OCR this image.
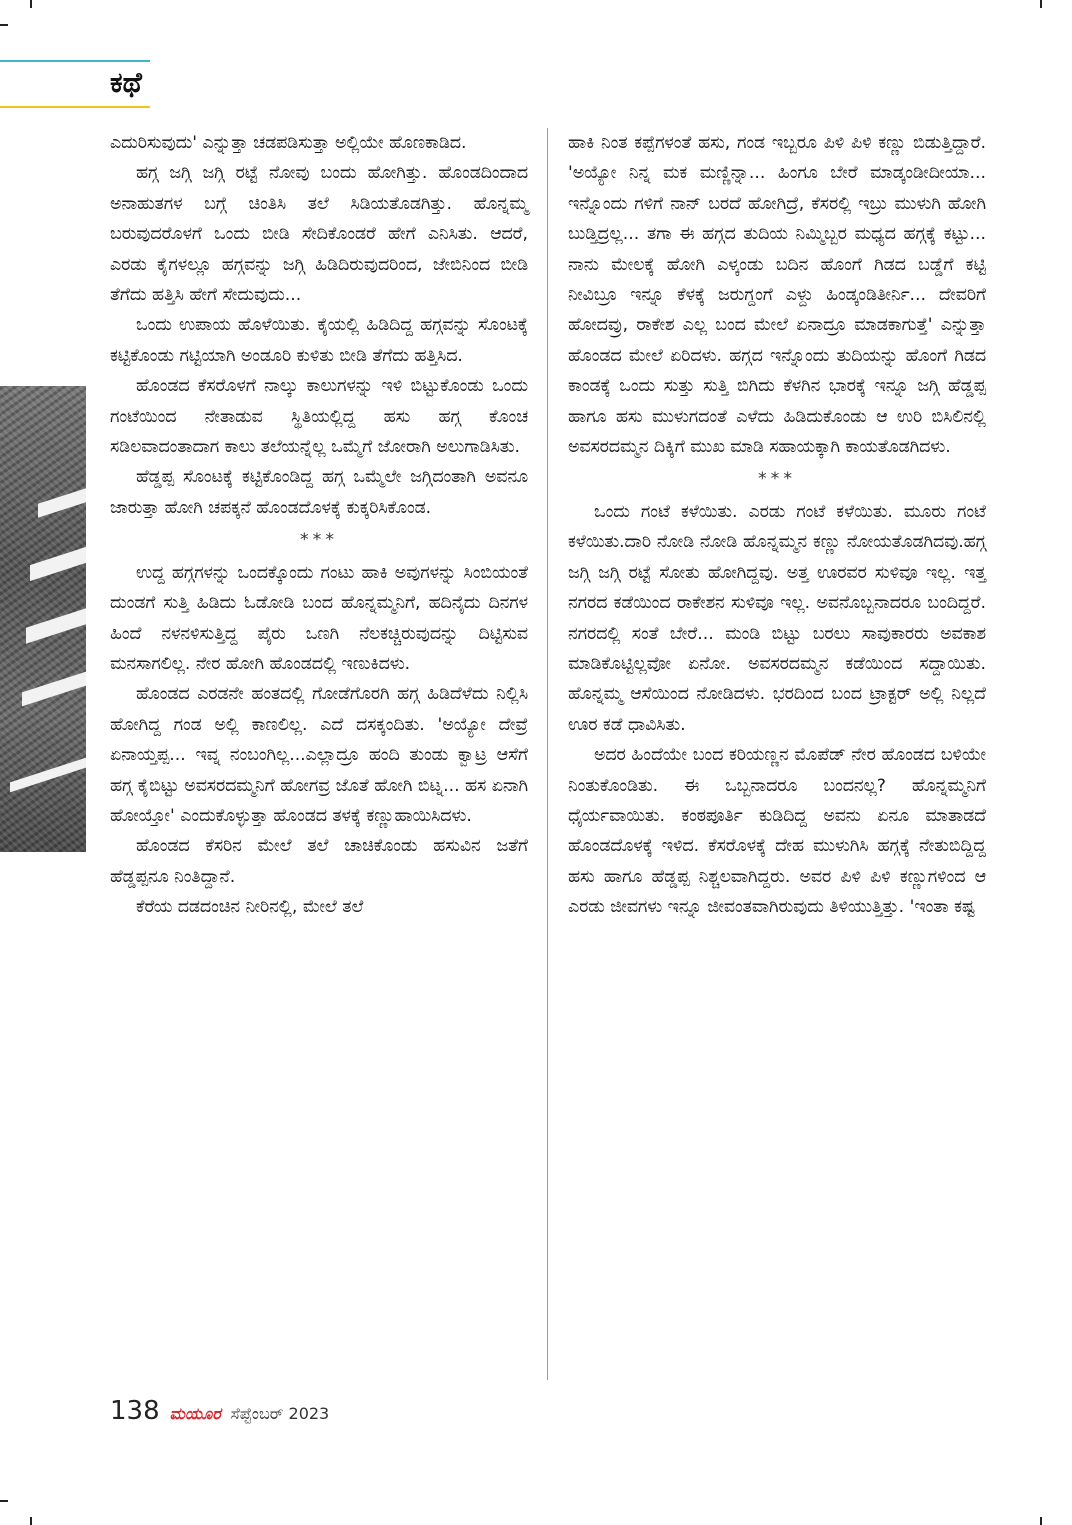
ಕಥೆ

ಎದುರಿಸುವುದು' ಎನ್ನುತ್ತಾ ಚಡಪಡಿಸುತ್ತಾ ಅಲ್ಲಿಯೇ ಹೊಣಕಾಡಿದ.

ಹಗ್ಗ ಜಗ್ಗಿ ಜಗ್ಗಿ ರಟ್ಟೆ ನೋವು ಬಂದು ಹೋಗಿತ್ತು. ಹೊಂಡದಿಂದಾದ ಅನಾಹುತಗಳ ಬಗ್ಗೆ ಚಿಂತಿಸಿ ತಲೆ ಸಿಡಿಯತೊಡಗಿತ್ತು. ಹೊನ್ನಮ್ಮ ಬರುವುದರೊಳಗೆ ಒಂದು ಬೀಡಿ ಸೇದಿಕೊಂಡರೆ ಹೇಗೆ ಎನಿಸಿತು. ಆದರೆ, ಎರಡು ಕೈಗಳಲ್ಲೂ ಹಗ್ಗವನ್ನು ಜಗ್ಗಿ ಹಿಡಿದಿರುವುದರಿಂದ, ಜೇಬಿನಿಂದ ಬೀಡಿ ತೆಗೆದು ಹತ್ತಿಸಿ ಹೇಗೆ ಸೇದುವುದು...

ಒಂದು ಉಪಾಯ ಹೊಳೆಯಿತು. ಕೈಯಲ್ಲಿ ಹಿಡಿದಿದ್ದ ಹಗ್ಗವನ್ನು ಸೊಂಟಕ್ಕೆ ಕಟ್ಟಿಕೊಂಡು ಗಟ್ಟಿಯಾಗಿ ಅಂಡೂರಿ ಕುಳಿತು ಬೀಡಿ ತೆಗೆದು ಹತ್ತಿಸಿದ.

ಹೊಂಡದ ಕೆಸರೊಳಗೆ ನಾಲ್ಕು ಕಾಲುಗಳನ್ನು ಇಳಿ ಬಿಟ್ಟುಕೊಂಡು ಒಂದು ಗಂಟೆಯಿಂದ ನೇತಾಡುವ ಸ್ಥಿತಿಯಲ್ಲಿದ್ದ ಹಸು ಹಗ್ಗ ಕೊಂಚ ಸಡಿಲವಾದಂತಾದಾಗ ಕಾಲು ತಲೆಯನ್ನೆಲ್ಲ ಒಮ್ಮೆಗೆ ಜೋರಾಗಿ ಅಲುಗಾಡಿಸಿತು.

ಹೆಡ್ಡಪ್ಪ ಸೊಂಟಕ್ಕೆ ಕಟ್ಟಿಕೊಂಡಿದ್ದ ಹಗ್ಗ ಒಮ್ಮೆಲೇ ಜಗ್ಗಿದಂತಾಗಿ ಅವನೂ ಜಾರುತ್ತಾ ಹೋಗಿ ಚಪಕ್ಕನೆ ಹೊಂಡದೊಳಕ್ಕೆ ಕುಕ್ಕರಿಸಿಕೊಂಡ.

***

ಉದ್ದ ಹಗ್ಗಗಳನ್ನು ಒಂದಕ್ಕೊಂದು ಗಂಟು ಹಾಕಿ ಅವುಗಳನ್ನು ಸಿಂಬಿಯಂತೆ ದುಂಡಗೆ ಸುತ್ತಿ ಹಿಡಿದು ಓಡೋಡಿ ಬಂದ ಹೊನ್ನಮ್ಮನಿಗೆ, ಹದಿನೈದು ದಿನಗಳ ಹಿಂದೆ ನಳನಳಿಸುತ್ತಿದ್ದ ಪೈರು ಒಣಗಿ ನೆಲಕಚ್ಚಿರುವುದನ್ನು ದಿಟ್ಟಿಸುವ ಮನಸಾಗಲಿಲ್ಲ. ನೇರ ಹೋಗಿ ಹೊಂಡದಲ್ಲಿ ಇಣುಕಿದಳು.

ಹೊಂಡದ ಎರಡನೇ ಹಂತದಲ್ಲಿ ಗೋಡೆಗೊರಗಿ ಹಗ್ಗ ಹಿಡಿದೆಳೆದು ನಿಲ್ಲಿಸಿ ಹೋಗಿದ್ದ ಗಂಡ ಅಲ್ಲಿ ಕಾಣಲಿಲ್ಲ. ಎದೆ ದಸಕ್ಕಂದಿತು. 'ಅಯ್ಯೋ ದೇವ್ರೆ ಏನಾಯ್ತಪ್ಪ... ಇವ್ನ ನಂಬಂಗಿಲ್ಲ...ಎಲ್ಲಾದ್ರೂ ಹಂದಿ ತುಂಡು ಕ್ವಾಟ್ರ ಆಸೆಗೆ ಹಗ್ಗ ಕೈಬಿಟ್ಟು ಅವಸರದಮ್ಮನಿಗೆ ಹೋಗವ್ರ ಜೊತೆ ಹೋಗಿ ಬಿಟ್ನ... ಹಸ ಏನಾಗಿ ಹೋಯ್ತೋ' ಎಂದುಕೊಳ್ಳುತ್ತಾ ಹೊಂಡದ ತಳಕ್ಕೆ ಕಣ್ಣುಹಾಯಿಸಿದಳು.

ಹೊಂಡದ ಕೆಸರಿನ ಮೇಲೆ ತಲೆ ಚಾಚಿಕೊಂಡು ಹಸುವಿನ ಜತೆಗೆ ಹೆಡ್ಡಪ್ಪನೂ ನಿಂತಿದ್ದಾನೆ.

ಕೆರೆಯ ದಡದಂಚಿನ ನೀರಿನಲ್ಲಿ, ಮೇಲೆ ತಲೆ

ಹಾಕಿ ನಿಂತ ಕಪ್ಪೆಗಳಂತೆ ಹಸು, ಗಂಡ ಇಬ್ಬರೂ ಪಿಳಿ ಪಿಳಿ ಕಣ್ಣು ಬಿಡುತ್ತಿದ್ದಾರೆ. 'ಅಯ್ಯೋ ನಿನ್ನ ಮಕ ಮಣ್ಣಿನ್ನಾ... ಹಿಂಗೂ ಬೇರೆ ಮಾಡ್ಕಂಡೀದೀಯಾ... ಇನ್ನೊಂದು ಗಳಿಗೆ ನಾನ್ ಬರದೆ ಹೋಗಿದ್ರೆ, ಕೆಸರಲ್ಲಿ ಇಬ್ರು ಮುಳುಗಿ ಹೋಗಿ ಬುಡ್ತಿದ್ರಲ್ಲ... ತಗಾ ಈ ಹಗ್ಗದ ತುದಿಯ ನಿಮ್ಮಿಬ್ಬರ ಮಧ್ಯದ ಹಗ್ಗಕ್ಕೆ ಕಟ್ಟು... ನಾನು ಮೇಲಕ್ಕೆ ಹೋಗಿ ಎಳ್ಕಂಡು ಬದಿನ ಹೊಂಗೆ ಗಿಡದ ಬಡ್ಡೆಗೆ ಕಟ್ಟಿ ನೀವಿಬ್ರೂ ಇನ್ನೂ ಕೆಳಕ್ಕೆ ಜರುಗ್ದಂಗೆ ಎಳ್ದು ಹಿಂಡ್ಕಂಡಿತೀರ್ನಿ... ದೇವರಿಗೆ ಹೋದವ್ರು, ರಾಕೇಶ ಎಲ್ಲ ಬಂದ ಮೇಲೆ ಏನಾದ್ರೂ ಮಾಡಕಾಗುತ್ತೆ' ಎನ್ನುತ್ತಾ ಹೊಂಡದ ಮೇಲೆ ಏರಿದಳು. ಹಗ್ಗದ ಇನ್ನೊಂದು ತುದಿಯನ್ನು ಹೊಂಗೆ ಗಿಡದ ಕಾಂಡಕ್ಕೆ ಒಂದು ಸುತ್ತು ಸುತ್ತಿ ಬಿಗಿದು ಕೆಳಗಿನ ಭಾರಕ್ಕೆ ಇನ್ನೂ ಜಗ್ಗಿ ಹೆಡ್ಡಪ್ಪ ಹಾಗೂ ಹಸು ಮುಳುಗದಂತೆ ಎಳೆದು ಹಿಡಿದುಕೊಂಡು ಆ ಉರಿ ಬಿಸಿಲಿನಲ್ಲಿ ಅವಸರದಮ್ಮನ ದಿಕ್ಕಿಗೆ ಮುಖ ಮಾಡಿ ಸಹಾಯಕ್ಕಾಗಿ ಕಾಯತೊಡಗಿದಳು.

***

ಒಂದು ಗಂಟೆ ಕಳೆಯಿತು. ಎರಡು ಗಂಟೆ ಕಳೆಯಿತು. ಮೂರು ಗಂಟೆ ಕಳೆಯಿತು.ದಾರಿ ನೋಡಿ ನೋಡಿ ಹೊನ್ನಮ್ಮನ ಕಣ್ಣು ನೋಯತೊಡಗಿದವು.ಹಗ್ಗ ಜಗ್ಗಿ ಜಗ್ಗಿ ರಟ್ಟೆ ಸೋತು ಹೋಗಿದ್ದವು. ಅತ್ತ ಊರವರ ಸುಳಿವೂ ಇಲ್ಲ. ಇತ್ತ ನಗರದ ಕಡೆಯಿಂದ ರಾಕೇಶನ ಸುಳಿವೂ ಇಲ್ಲ. ಅವನೊಬ್ಬನಾದರೂ ಬಂದಿದ್ದರೆ. ನಗರದಲ್ಲಿ ಸಂತೆ ಬೇರೆ... ಮಂಡಿ ಬಿಟ್ಟು ಬರಲು ಸಾವುಕಾರರು ಅವಕಾಶ ಮಾಡಿಕೊಟ್ಟಿಲ್ಲವೋ ಏನೋ. ಅವಸರದಮ್ಮನ ಕಡೆಯಿಂದ ಸದ್ದಾಯಿತು. ಹೊನ್ನಮ್ಮ ಆಸೆಯಿಂದ ನೋಡಿದಳು. ಭರದಿಂದ ಬಂದ ಟ್ರಾಕ್ಟರ್ ಅಲ್ಲಿ ನಿಲ್ಲದೆ ಊರ ಕಡೆ ಧಾವಿಸಿತು.

ಅದರ ಹಿಂದೆಯೇ ಬಂದ ಕರಿಯಣ್ಣನ ಮೊಪೆಡ್ ನೇರ ಹೊಂಡದ ಬಳಿಯೇ ನಿಂತುಕೊಂಡಿತು. ಈ ಒಬ್ಬನಾದರೂ ಬಂದನಲ್ಲ? ಹೊನ್ನಮ್ಮನಿಗೆ ಧೈರ್ಯವಾಯಿತು. ಕಂಠಪೂರ್ತಿ ಕುಡಿದಿದ್ದ ಅವನು ಏನೂ ಮಾತಾಡದೆ ಹೊಂಡದೊಳಕ್ಕೆ ಇಳಿದ. ಕೆಸರೊಳಕ್ಕೆ ದೇಹ ಮುಳುಗಿಸಿ ಹಗ್ಗಕ್ಕೆ ನೇತುಬಿದ್ದಿದ್ದ ಹಸು ಹಾಗೂ ಹೆಡ್ಡಪ್ಪ ನಿಶ್ಚಲವಾಗಿದ್ದರು. ಅವರ ಪಿಳಿ ಪಿಳಿ ಕಣ್ಣುಗಳಿಂದ ಆ ಎರಡು ಜೀವಗಳು ಇನ್ನೂ ಜೀವಂತವಾಗಿರುವುದು ತಿಳಿಯುತ್ತಿತ್ತು. 'ಇಂತಾ ಕಷ್ಟ

138 ಮಯೂರ ಸೆಪ್ಟೆಂಬರ್ 2023
